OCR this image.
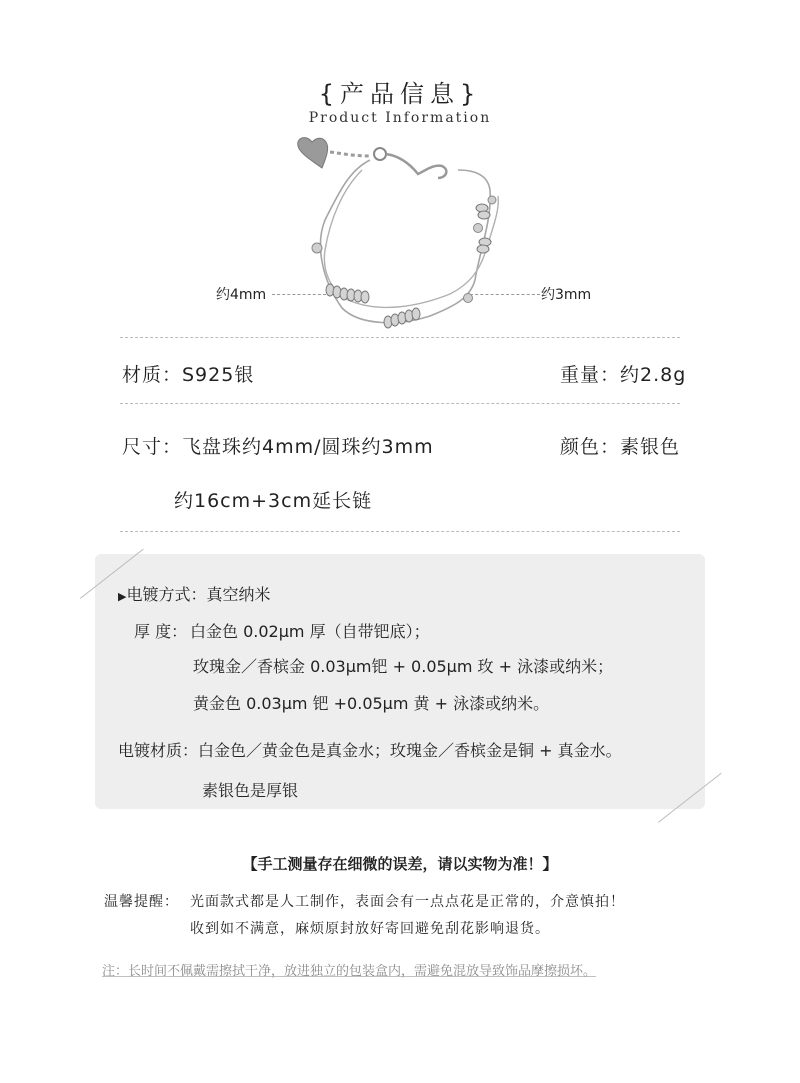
{产品信息}
Product Information
约4mm	约3mm
材质：S925银	重量：约2.8g
尺寸：飞盘珠约4mm/圆珠约3mm	颜色：素银色
约16cm+3cm延长链
▶电镀方式：真空纳米
厚 度： 白金色 0.02μm 厚（自带钯底）；
玫瑰金／香槟金 0.03μm钯 + 0.05μm 玫 + 泳漆或纳米；
黄金色 0.03μm 钯 +0.05μm 黄 + 泳漆或纳米。
电镀材质：白金色／黄金色是真金水；玫瑰金／香槟金是铜 + 真金水。
素银色是厚银
【手工测量存在细微的误差，请以实物为准！】
温馨提醒： 光面款式都是人工制作，表面会有一点点花是正常的，介意慎拍！
收到如不满意，麻烦原封放好寄回避免刮花影响退货。
注：长时间不佩戴需擦拭干净，放进独立的包装盒内，需避免混放导致饰品摩擦损坏。
